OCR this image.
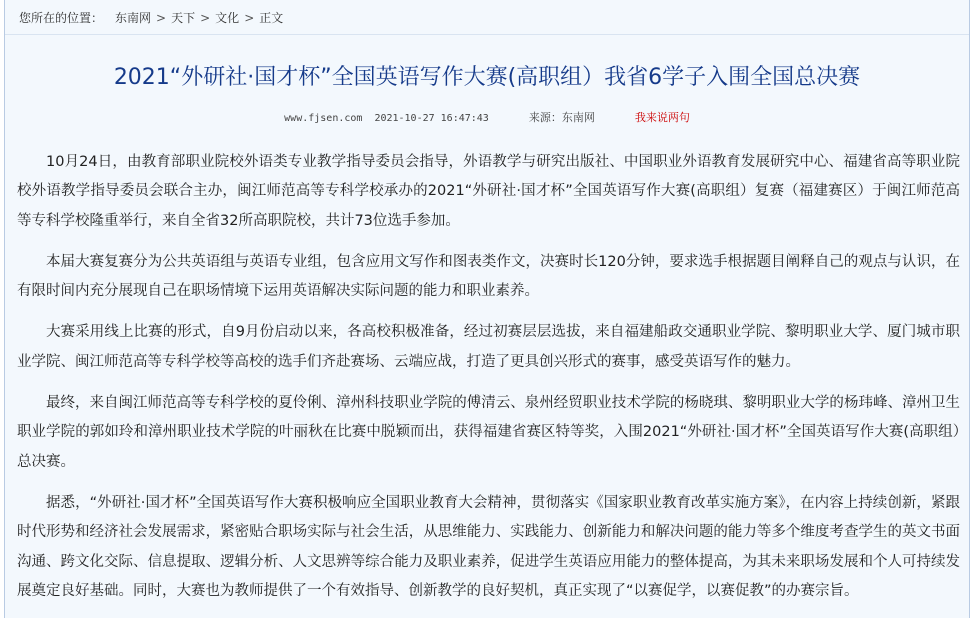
您所在的位置： 东南网 > 天下 > 文化 > 正文
2021“外研社·国才杯”全国英语写作大赛(高职组）我省6学子入围全国总决赛
www.fjsen.com 2021-10-27 16:47:43	来源：东南网	我来说两句

10月24日，由教育部职业院校外语类专业教学指导委员会指导，外语教学与研究出版社、中国职业外语教育发展研究中心、福建省高等职业院校外语教学指导委员会联合主办，闽江师范高等专科学校承办的2021“外研社·国才杯”全国英语写作大赛(高职组）复赛（福建赛区）于闽江师范高等专科学校隆重举行，来自全省32所高职院校，共计73位选手参加。

本届大赛复赛分为公共英语组与英语专业组，包含应用文写作和图表类作文，决赛时长120分钟，要求选手根据题目阐释自己的观点与认识，在有限时间内充分展现自己在职场情境下运用英语解决实际问题的能力和职业素养。

大赛采用线上比赛的形式，自9月份启动以来，各高校积极准备，经过初赛层层选拔，来自福建船政交通职业学院、黎明职业大学、厦门城市职业学院、闽江师范高等专科学校等高校的选手们齐赴赛场、云端应战，打造了更具创兴形式的赛事，感受英语写作的魅力。

最终，来自闽江师范高等专科学校的夏伶俐、漳州科技职业学院的傅清云、泉州经贸职业技术学院的杨晓琪、黎明职业大学的杨玮峰、漳州卫生职业学院的郭如玲和漳州职业技术学院的叶丽秋在比赛中脱颖而出，获得福建省赛区特等奖，入围2021“外研社·国才杯”全国英语写作大赛(高职组）总决赛。

据悉，“外研社·国才杯”全国英语写作大赛积极响应全国职业教育大会精神，贯彻落实《国家职业教育改革实施方案》，在内容上持续创新，紧跟时代形势和经济社会发展需求，紧密贴合职场实际与社会生活，从思维能力、实践能力、创新能力和解决问题的能力等多个维度考查学生的英文书面沟通、跨文化交际、信息提取、逻辑分析、人文思辨等综合能力及职业素养，促进学生英语应用能力的整体提高，为其未来职场发展和个人可持续发展奠定良好基础。同时，大赛也为教师提供了一个有效指导、创新教学的良好契机，真正实现了“以赛促学，以赛促教”的办赛宗旨。
